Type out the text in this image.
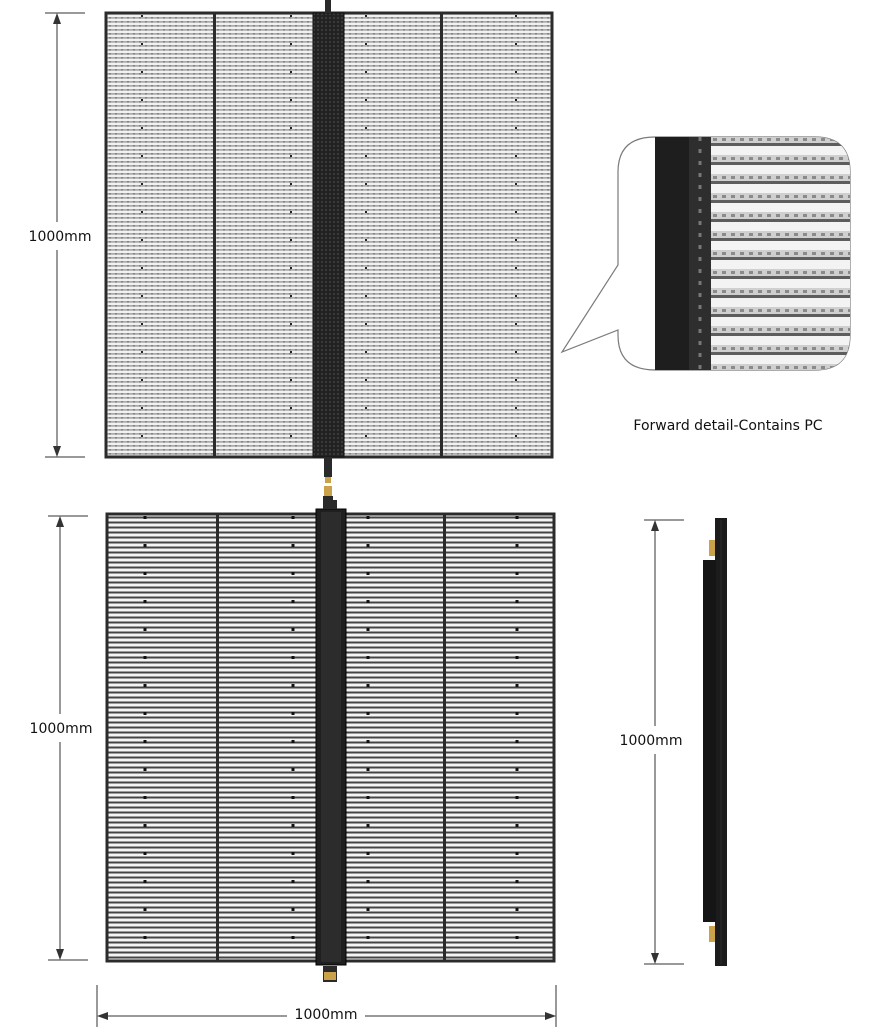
1000mm
Forward detail-Contains PC
1000mm
1000mm
1000mm
